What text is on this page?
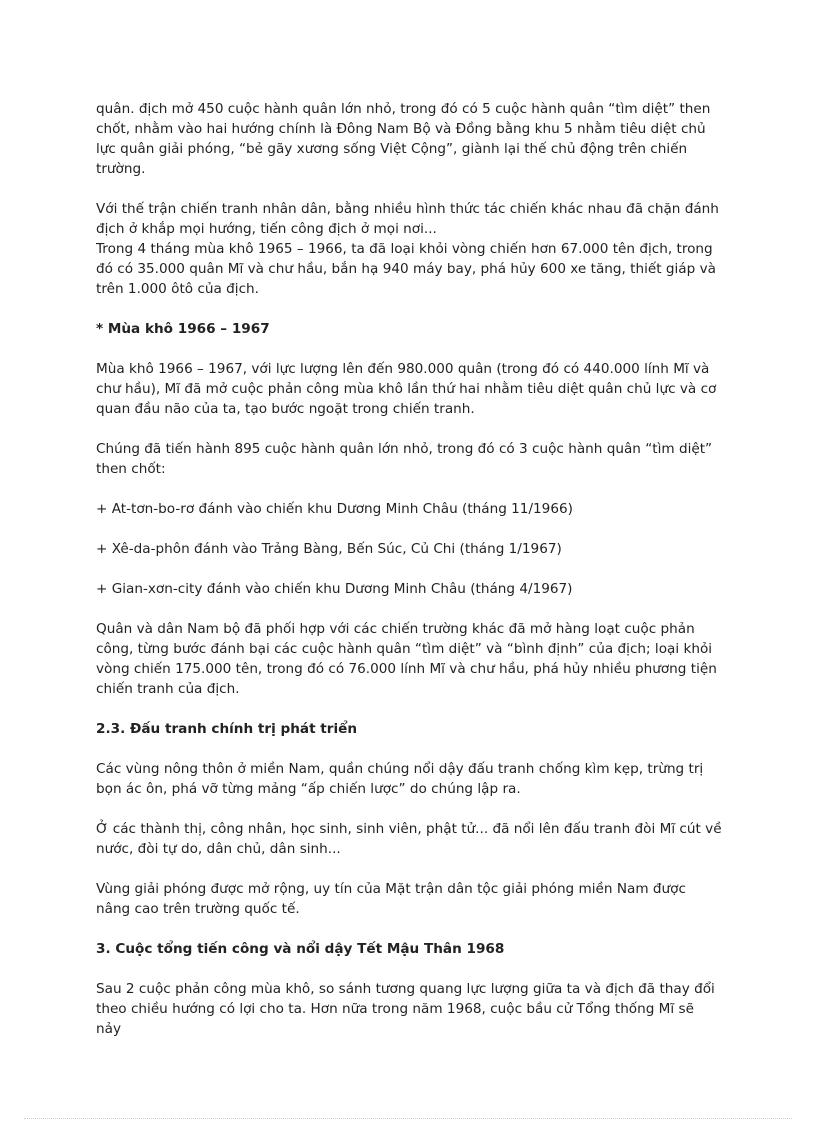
quân. địch mở 450 cuộc hành quân lớn nhỏ, trong đó có 5 cuộc hành quân “tìm diệt” then chốt, nhằm vào hai hướng chính là Đông Nam Bộ và Đồng bằng khu 5 nhằm tiêu diệt chủ lực quân giải phóng, “bẻ gãy xương sống Việt Cộng”, giành lại thế chủ động trên chiến trường.

Với thế trận chiến tranh nhân dân, bằng nhiều hình thức tác chiến khác nhau đã chặn đánh địch ở khắp mọi hướng, tiến công địch ở mọi nơi...

Trong 4 tháng mùa khô 1965 – 1966, ta đã loại khỏi vòng chiến hơn 67.000 tên địch, trong đó có 35.000 quân Mĩ và chư hầu, bắn hạ 940 máy bay, phá hủy 600 xe tăng, thiết giáp và trên 1.000 ôtô của địch.

* Mùa khô 1966 – 1967

Mùa khô 1966 – 1967, với lực lượng lên đến 980.000 quân (trong đó có 440.000 lính Mĩ và chư hầu), Mĩ đã mở cuộc phản công mùa khô lần thứ hai nhằm tiêu diệt quân chủ lực và cơ quan đầu não của ta, tạo bước ngoặt trong chiến tranh.

Chúng đã tiến hành 895 cuộc hành quân lớn nhỏ, trong đó có 3 cuộc hành quân “tìm diệt” then chốt:

+ At-tơn-bo-rơ đánh vào chiến khu Dương Minh Châu (tháng 11/1966)

+ Xê-da-phôn đánh vào Trảng Bàng, Bến Súc, Củ Chi (tháng 1/1967)

+ Gian-xơn-city đánh vào chiến khu Dương Minh Châu (tháng 4/1967)

Quân và dân Nam bộ đã phối hợp với các chiến trường khác đã mở hàng loạt cuộc phản công, từng bước đánh bại các cuộc hành quân “tìm diệt” và “bình định” của địch; loại khỏi vòng chiến 175.000 tên, trong đó có 76.000 lính Mĩ và chư hầu, phá hủy nhiều phương tiện chiến tranh của địch.

2.3. Đấu tranh chính trị phát triển

Các vùng nông thôn ở miền Nam, quần chúng nổi dậy đấu tranh chống kìm kẹp, trừng trị bọn ác ôn, phá vỡ từng mảng “ấp chiến lược” do chúng lập ra.

Ở các thành thị, công nhân, học sinh, sinh viên, phật tử... đã nổi lên đấu tranh đòi Mĩ cút về nước, đòi tự do, dân chủ, dân sinh...

Vùng giải phóng được mở rộng, uy tín của Mặt trận dân tộc giải phóng miền Nam được nâng cao trên trường quốc tế.

3. Cuộc tổng tiến công và nổi dậy Tết Mậu Thân 1968

Sau 2 cuộc phản công mùa khô, so sánh tương quang lực lượng giữa ta và địch đã thay đổi theo chiều hướng có lợi cho ta. Hơn nữa trong năm 1968, cuộc bầu cử Tổng thống Mĩ sẽ nảy
